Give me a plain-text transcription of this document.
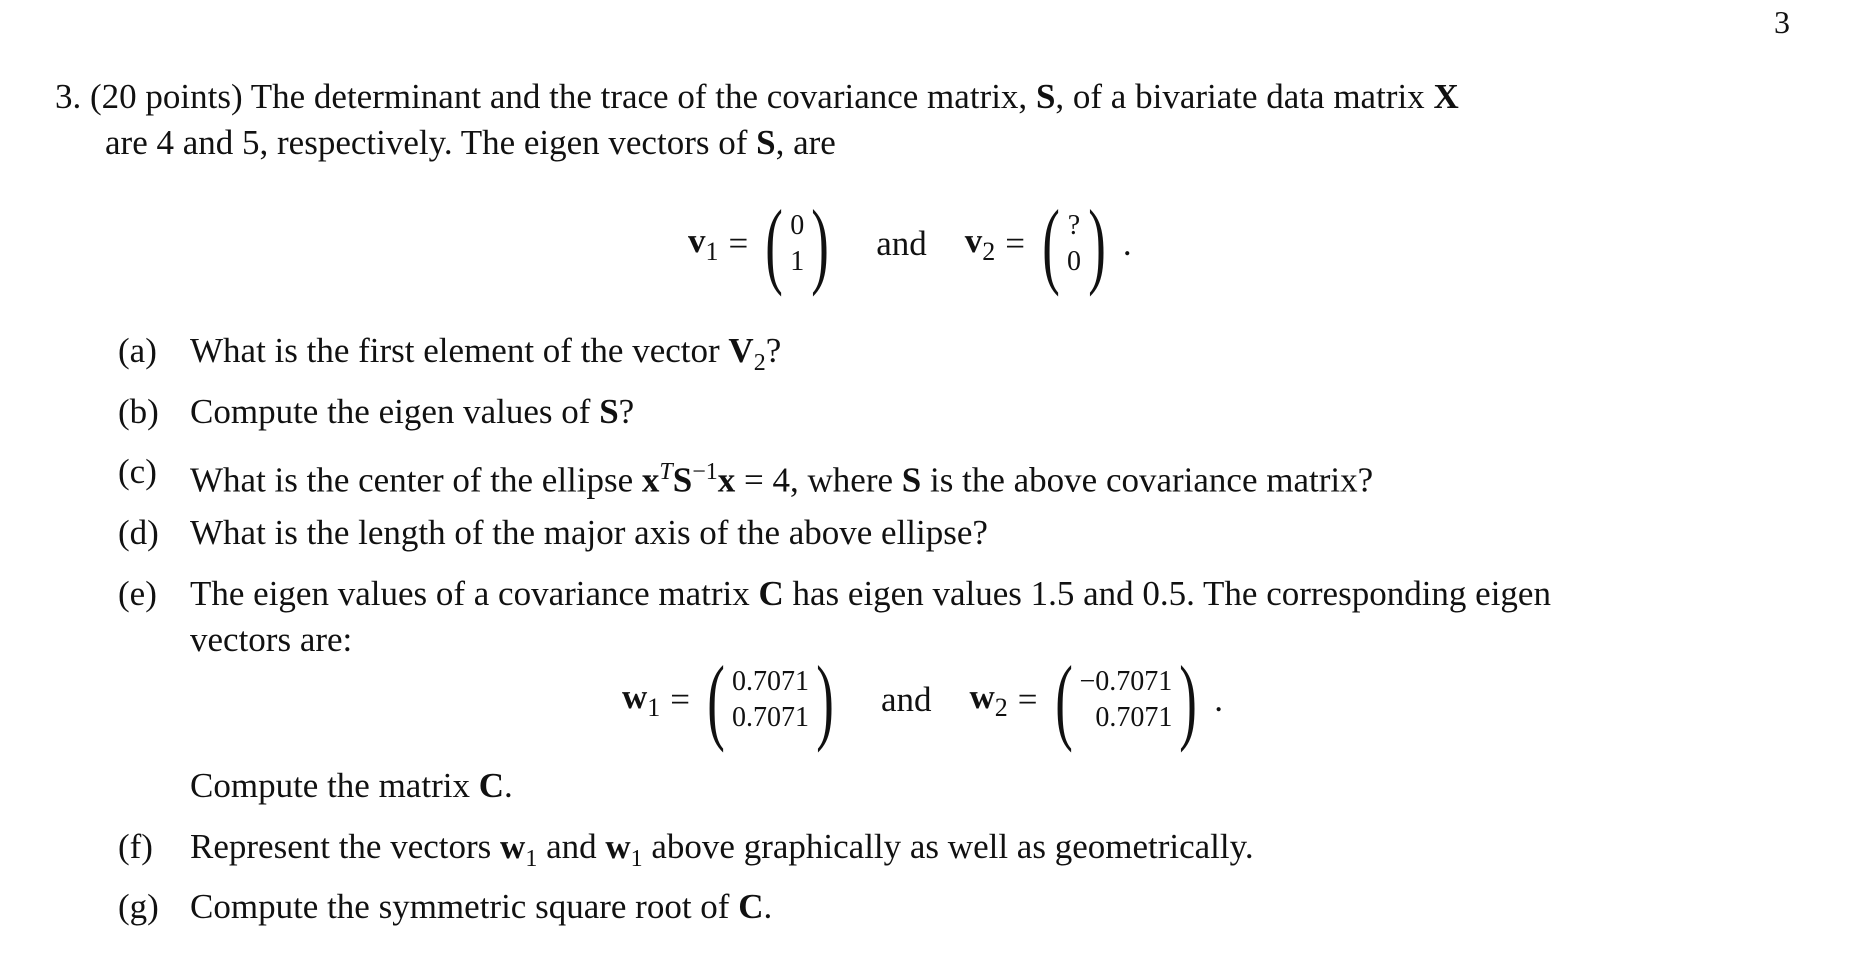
3
3. (20 points) The determinant and the trace of the covariance matrix, S, of a bivariate data matrix X
are 4 and 5, respectively. The eigen vectors of S, are
$v_1$ = ( 0
1 ) and $v_2$ = ( ?
0 ) .
(a) What is the first element of the vector $V_2$?
(b) Compute the eigen values of S?
(c) What is the center of the ellipse $x^TS^{-1}x = 4$, where S is the above covariance matrix?
(d) What is the length of the major axis of the above ellipse?
(e) The eigen values of a covariance matrix C has eigen values 1.5 and 0.5. The corresponding eigen
vectors are:
$w_1$ = ( 0.7071
0.7071 ) and $w_2$ = ( −0.7071
0.7071 ) .
Compute the matrix C.
(f) Represent the vectors $w_1$ and $w_1$ above graphically as well as geometrically.
(g) Compute the symmetric square root of C.
